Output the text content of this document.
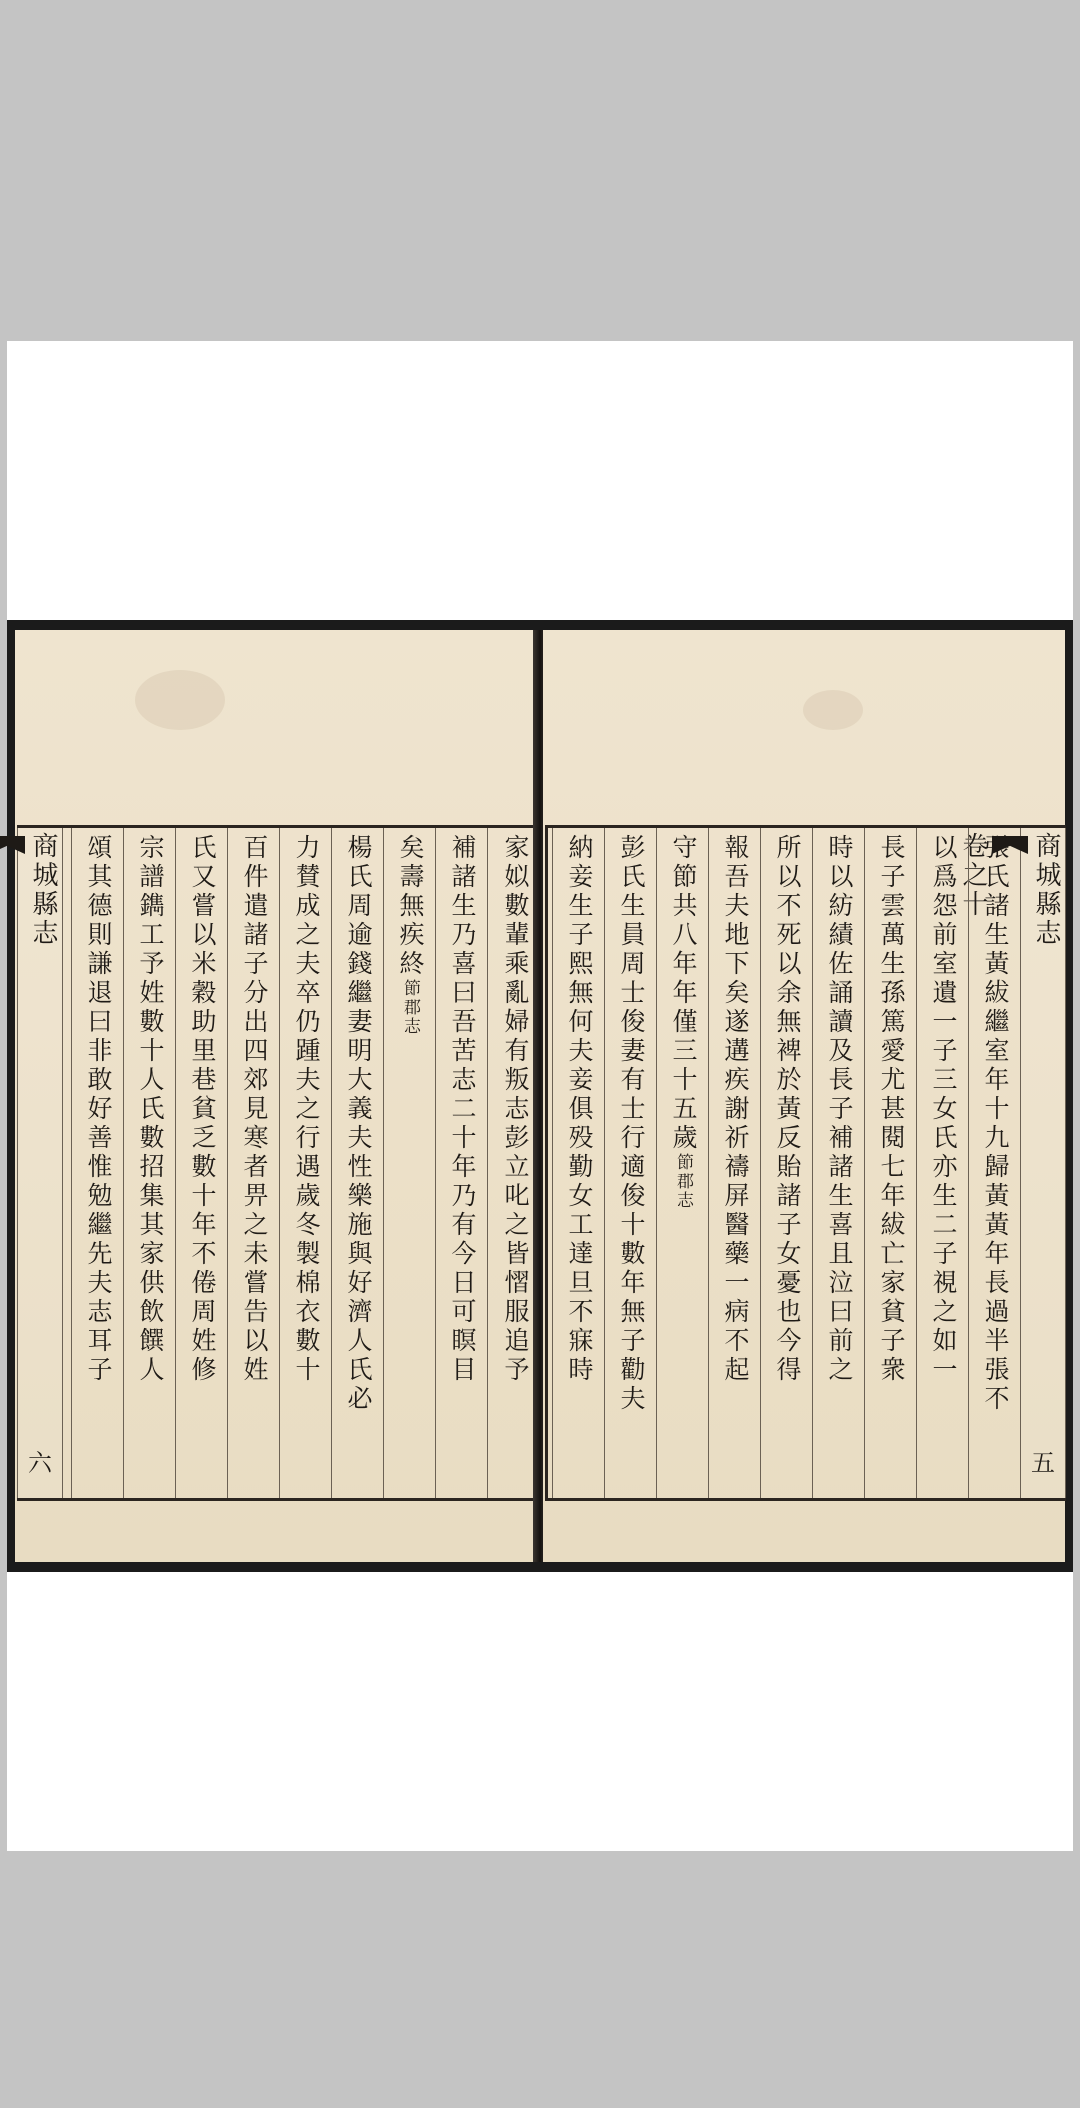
商城縣志
六
家姒數輩乘亂婦有叛志彭立叱之皆慴服追予
補諸生乃喜曰吾苦志二十年乃有今日可瞑目
矣壽無疾終節郡志
楊氏周逾錢繼妻明大義夫性樂施與好濟人氏必
力賛成之夫卒仍踵夫之行遇歲冬製棉衣數十
百件遣諸子分出四郊見寒者畀之未嘗告以姓
氏又嘗以米穀助里巷貧乏數十年不倦周姓修
宗譜鐫工予姓數十人氏數招集其家供飲饌人
頌其德則謙退曰非敢好善惟勉繼先夫志耳子	商城縣志
卷之十
五
張氏諸生黃紱繼室年十九歸黃黃年長過半張不
以爲怨前室遺一子三女氏亦生二子視之如一
長子雲萬生孫篤愛尤甚閱七年紱亡家貧子衆
時以紡績佐誦讀及長子補諸生喜且泣曰前之
所以不死以余無裨於黃反貽諸子女憂也今得
報吾夫地下矣遂遘疾謝祈禱屏醫藥一病不起
守節共八年年僅三十五歲節郡志
彭氏生員周士俊妻有士行適俊十數年無子勸夫
納妾生子熙無何夫妾俱殁勤女工達旦不寐時
